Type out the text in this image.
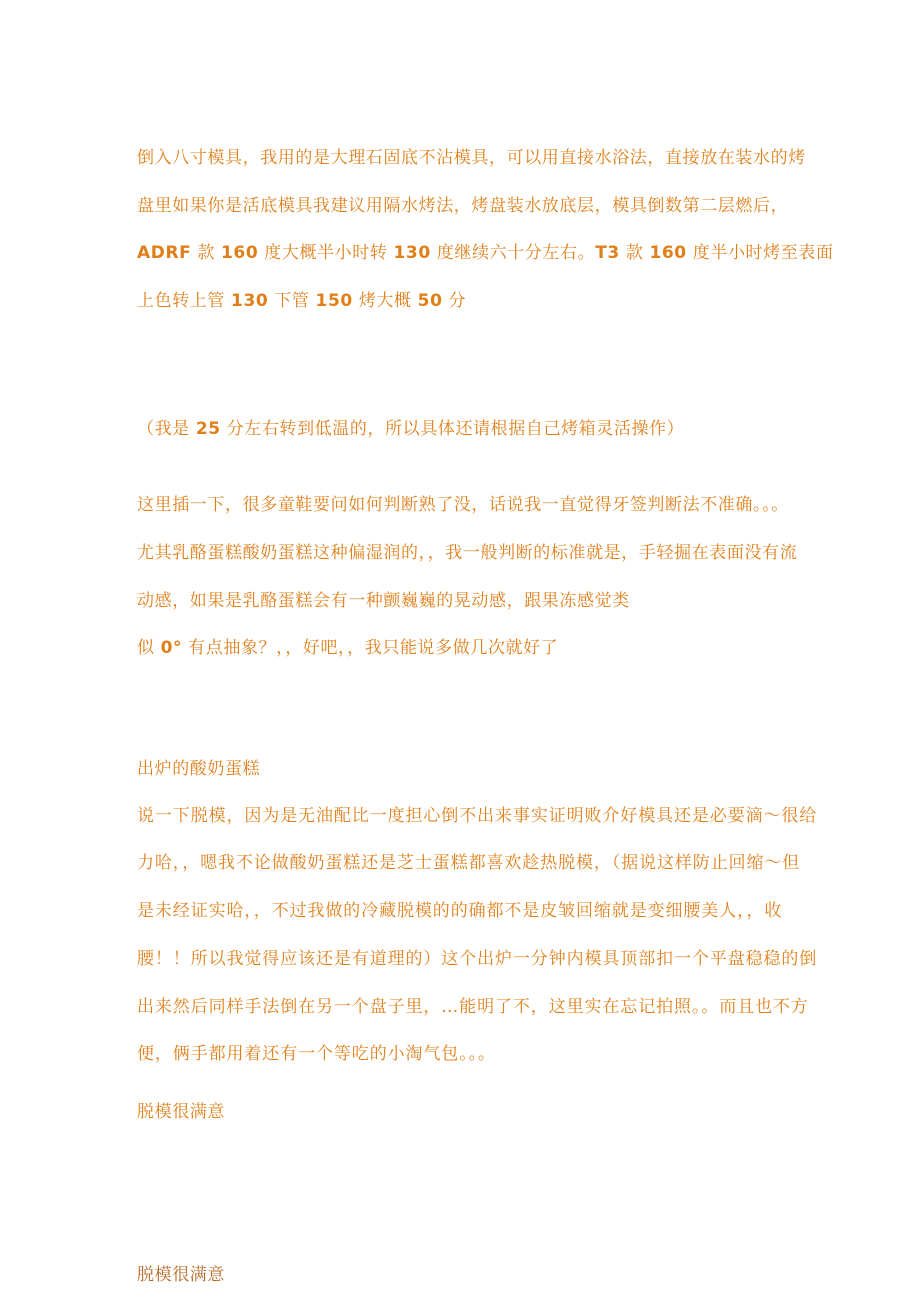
倒入八寸模具，我用的是大理石固底不沾模具，可以用直接水浴法，直接放在装水的烤
盘里如果你是活底模具我建议用隔水烤法，烤盘装水放底层，模具倒数第二层燃后，
ADRF 款 160 度大概半小时转 130 度继续六十分左右。T3 款 160 度半小时烤至表面
上色转上管 130 下管 150 烤大概 50 分
（我是 25 分左右转到低温的，所以具体还请根据自己烤箱灵活操作）
这里插一下，很多童鞋要问如何判断熟了没，话说我一直觉得牙签判断法不准确。。。
尤其乳酪蛋糕酸奶蛋糕这种偏湿润的，，我一般判断的标准就是，手轻掘在表面没有流
动感，如果是乳酪蛋糕会有一种颤巍巍的晃动感，跟果冻感觉类
似 0° 有点抽象？，，好吧，，我只能说多做几次就好了
出炉的酸奶蛋糕
说一下脱模，因为是无油配比一度担心倒不出来事实证明败介好模具还是必要滴～很给
力哈，，嗯我不论做酸奶蛋糕还是芝士蛋糕都喜欢趁热脱模，（据说这样防止回缩～但
是未经证实哈，，不过我做的冷藏脱模的的确都不是皮皱回缩就是变细腰美人，，收
腰！！所以我觉得应该还是有道理的）这个出炉一分钟内模具顶部扣一个平盘稳稳的倒
出来然后同样手法倒在另一个盘子里，…能明了不，这里实在忘记拍照。。而且也不方
便，俩手都用着还有一个等吃的小淘气包。。。
脱模很满意
脱模很满意
